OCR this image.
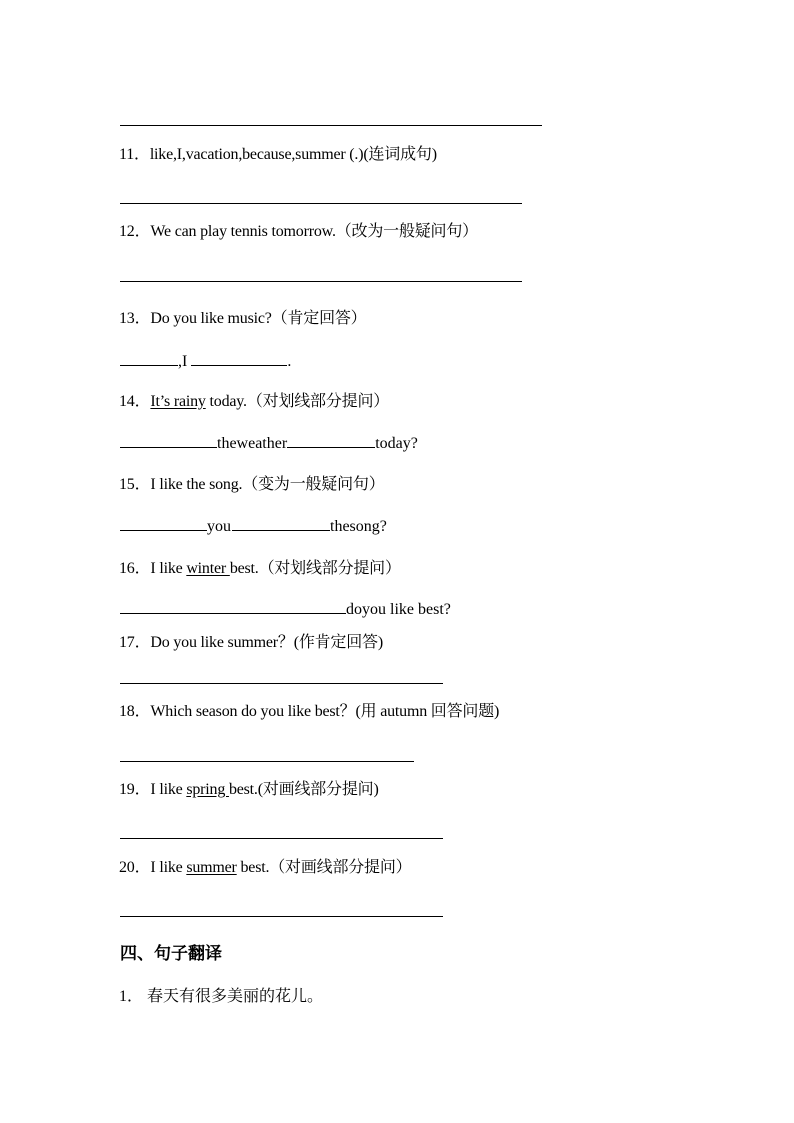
11．like,I,vacation,because,summer (.)(连词成句)
12．We can play tennis tomorrow.（改为一般疑问句）
13．Do you like music?（肯定回答）
,I	.
14．It’s rainy today.（对划线部分提问）
theweather	today?
15．I like the song.（变为一般疑问句）
you	thesong?
16．I like winter best.（对划线部分提问）
doyou like best?
17．Do you like summer？(作肯定回答)
18．Which season do you like best？(用 autumn 回答问题)
19．I like spring best.(对画线部分提问)
20．I like summer best.（对画线部分提问）
四、句子翻译
1． 春天有很多美丽的花儿。
